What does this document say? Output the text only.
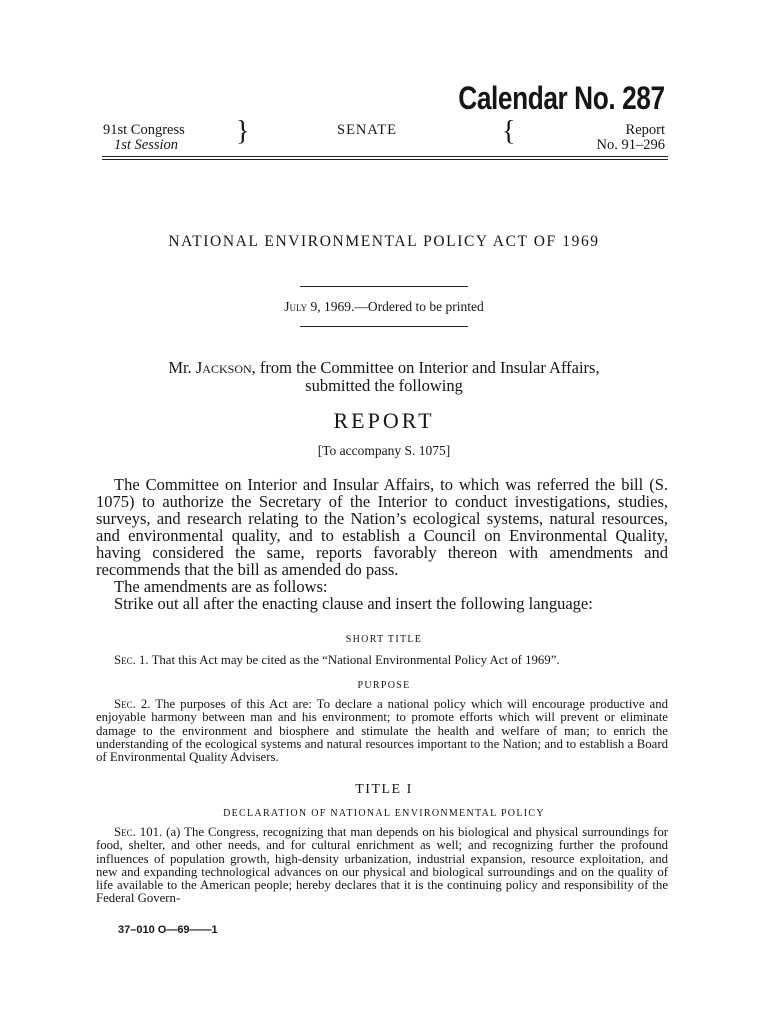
Calendar No. 287
91st Congress
1st Session }	SENATE	{	Report
No. 91–296
NATIONAL ENVIRONMENTAL POLICY ACT OF 1969
July 9, 1969.—Ordered to be printed
Mr. Jackson, from the Committee on Interior and Insular Affairs,
submitted the following
REPORT
[To accompany S. 1075]

The Committee on Interior and Insular Affairs, to which was referred the bill (S. 1075) to authorize the Secretary of the Interior to conduct investigations, studies, surveys, and research relating to the Nation’s ecological systems, natural resources, and environmental quality, and to establish a Council on Environmental Quality, having considered the same, reports favorably thereon with amendments and recommends that the bill as amended do pass.

The amendments are as follows:

Strike out all after the enacting clause and insert the following language:

SHORT TITLE

Sec. 1. That this Act may be cited as the “National Environmental Policy Act of 1969”.

PURPOSE

Sec. 2. The purposes of this Act are: To declare a national policy which will encourage productive and enjoyable harmony between man and his environment; to promote efforts which will prevent or eliminate damage to the environment and biosphere and stimulate the health and welfare of man; to enrich the understanding of the ecological systems and natural resources important to the Nation; and to establish a Board of Environmental Quality Advisers.

TITLE I
DECLARATION OF NATIONAL ENVIRONMENTAL POLICY

Sec. 101. (a) The Congress, recognizing that man depends on his biological and physical surroundings for food, shelter, and other needs, and for cultural enrichment as well; and recognizing further the profound influences of population growth, high-density urbanization, industrial expansion, resource exploitation, and new and expanding technological advances on our physical and biological surroundings and on the quality of life available to the American people; hereby declares that it is the continuing policy and responsibility of the Federal Govern-

37–010 O—69——1
